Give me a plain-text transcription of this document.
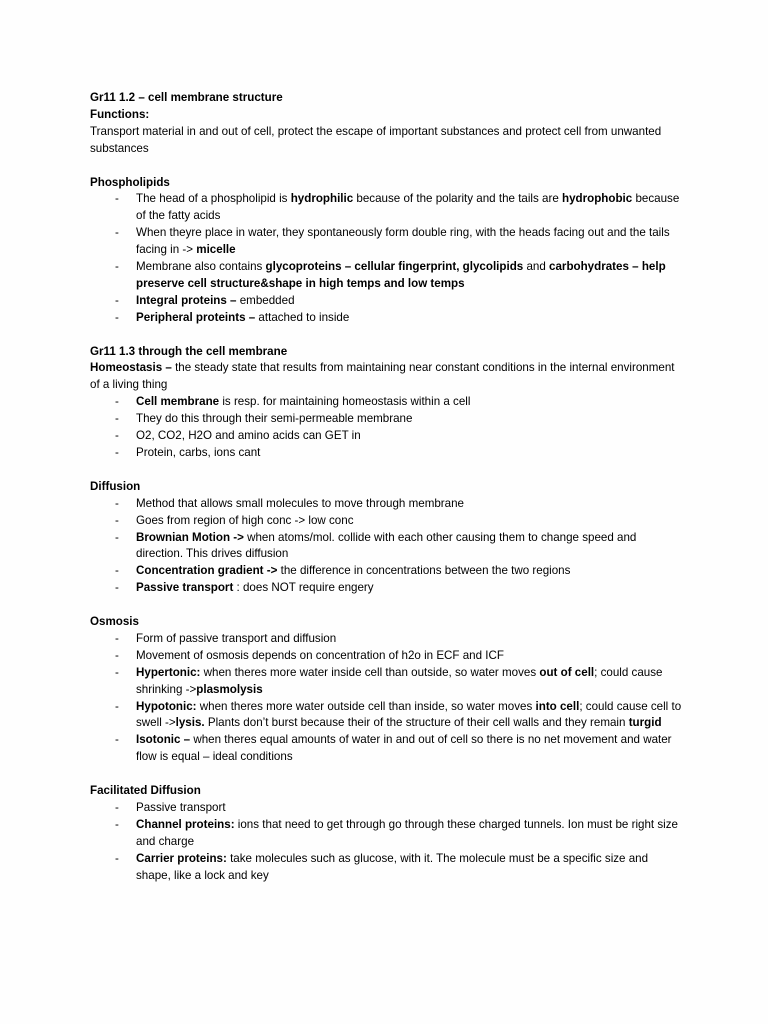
Gr11 1.2 – cell membrane structure

Functions:

Transport material in and out of cell, protect the escape of important substances and protect cell from unwanted substances

Phospholipids

- The head of a phospholipid is hydrophilic because of the polarity and the tails are hydrophobic because of the fatty acids
- When theyre place in water, they spontaneously form double ring, with the heads facing out and the tails facing in -> micelle
- Membrane also contains glycoproteins – cellular fingerprint, glycolipids and carbohydrates – help preserve cell structure&shape in high temps and low temps
- Integral proteins – embedded
- Peripheral proteints – attached to inside

Gr11 1.3 through the cell membrane

Homeostasis – the steady state that results from maintaining near constant conditions in the internal environment of a living thing

- Cell membrane is resp. for maintaining homeostasis within a cell
- They do this through their semi-permeable membrane
- O2, CO2, H2O and amino acids can GET in
- Protein, carbs, ions cant

Diffusion

- Method that allows small molecules to move through membrane
- Goes from region of high conc -> low conc
- Brownian Motion -> when atoms/mol. collide with each other causing them to change speed and direction. This drives diffusion
- Concentration gradient -> the difference in concentrations between the two regions
- Passive transport : does NOT require engery

Osmosis

- Form of passive transport and diffusion
- Movement of osmosis depends on concentration of h2o in ECF and ICF
- Hypertonic: when theres more water inside cell than outside, so water moves out of cell; could cause shrinking ->plasmolysis
- Hypotonic: when theres more water outside cell than inside, so water moves into cell; could cause cell to swell ->lysis. Plants don’t burst because their of the structure of their cell walls and they remain turgid
- Isotonic – when theres equal amounts of water in and out of cell so there is no net movement and water flow is equal – ideal conditions

Facilitated Diffusion

- Passive transport
- Channel proteins: ions that need to get through go through these charged tunnels. Ion must be right size and charge
- Carrier proteins: take molecules such as glucose, with it. The molecule must be a specific size and shape, like a lock and key
